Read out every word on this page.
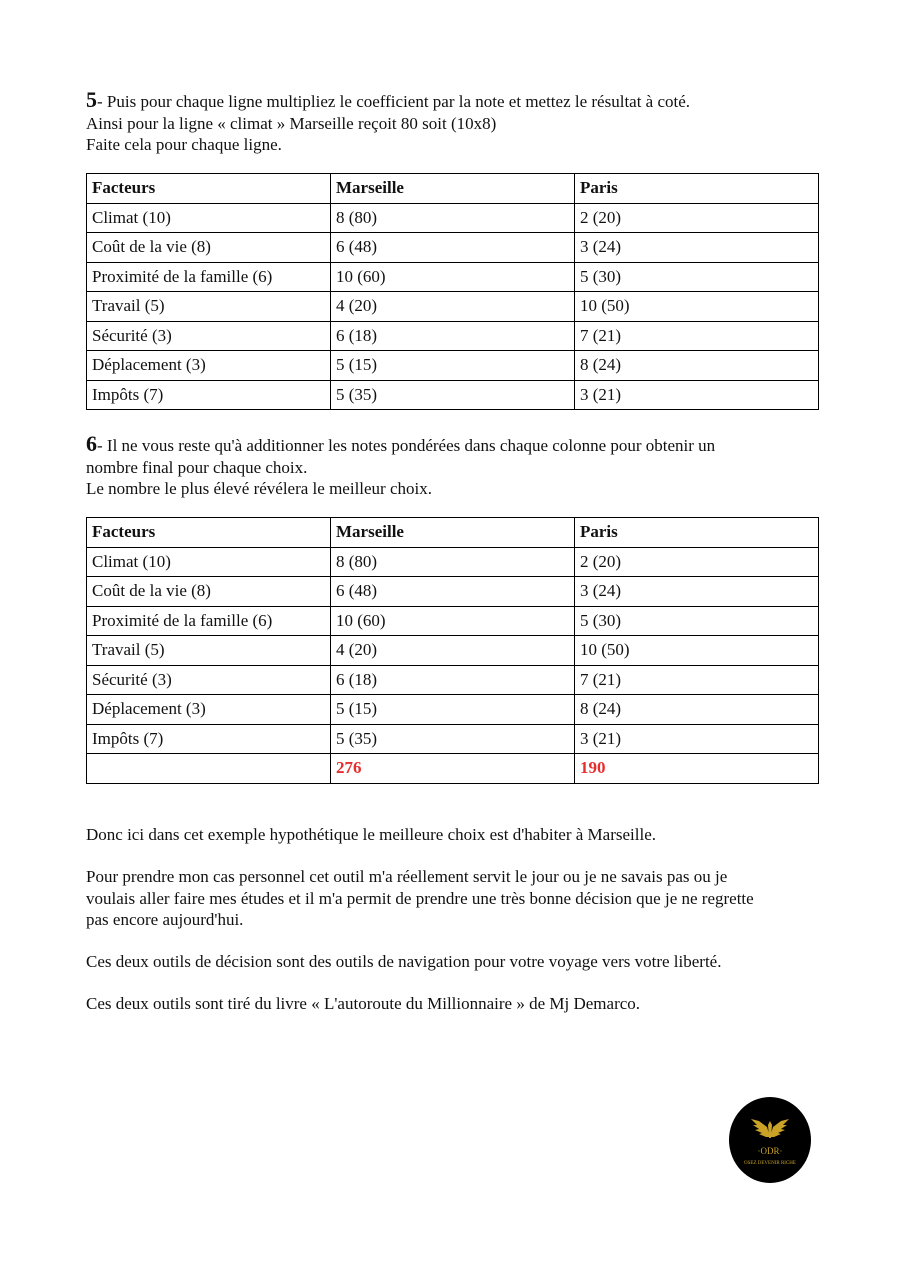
5- Puis pour chaque ligne multipliez le coefficient par la note et mettez le résultat à coté.

Ainsi pour la ligne « climat » Marseille reçoit 80 soit (10x8)

Faite cela pour chaque ligne.

Facteurs	Marseille	Paris
Climat (10)	8 (80)	2 (20)
Coût de la vie (8)	6 (48)	3 (24)
Proximité de la famille (6)	10 (60)	5 (30)
Travail (5)	4 (20)	10 (50)
Sécurité (3)	6 (18)	7 (21)
Déplacement (3)	5 (15)	8 (24)
Impôts (7)	5 (35)	3 (21)

6- Il ne vous reste qu'à additionner les notes pondérées dans chaque colonne pour obtenir un

nombre final pour chaque choix.

Le nombre le plus élevé révélera le meilleur choix.

Facteurs	Marseille	Paris
Climat (10)	8 (80)	2 (20)
Coût de la vie (8)	6 (48)	3 (24)
Proximité de la famille (6)	10 (60)	5 (30)
Travail (5)	4 (20)	10 (50)
Sécurité (3)	6 (18)	7 (21)
Déplacement (3)	5 (15)	8 (24)
Impôts (7)	5 (35)	3 (21)
	276	190

Donc ici dans cet exemple hypothétique le meilleure choix est d'habiter à Marseille.

Pour prendre mon cas personnel cet outil m'a réellement servit le jour ou je ne savais pas ou je
voulais aller faire mes études et il m'a permit de prendre une très bonne décision que je ne regrette
pas encore aujourd'hui.

Ces deux outils de décision sont des outils de navigation pour votre voyage vers votre liberté.

Ces deux outils sont tiré du livre « L'autoroute du Millionnaire » de Mj Demarco.

·ODR·
OSEZ DEVENIR RICHE
